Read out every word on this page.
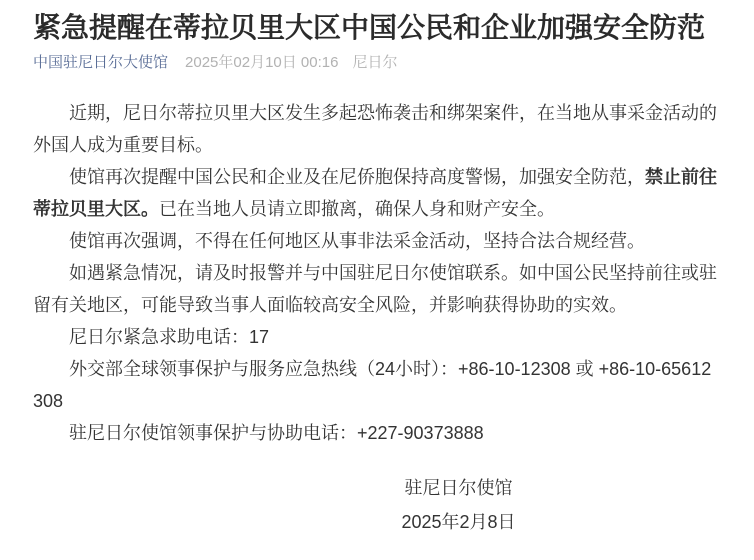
紧急提醒在蒂拉贝里大区中国公民和企业加强安全防范
中国驻尼日尔大使馆 2025年02月10日 00:16 尼日尔

近期，尼日尔蒂拉贝里大区发生多起恐怖袭击和绑架案件，在当地从事采金活动的外国人成为重要目标。

使馆再次提醒中国公民和企业及在尼侨胞保持高度警惕，加强安全防范，禁止前往蒂拉贝里大区。已在当地人员请立即撤离，确保人身和财产安全。

使馆再次强调，不得在任何地区从事非法采金活动，坚持合法合规经营。

如遇紧急情况，请及时报警并与中国驻尼日尔使馆联系。如中国公民坚持前往或驻留有关地区，可能导致当事人面临较高安全风险，并影响获得协助的实效。

尼日尔紧急求助电话：17

外交部全球领事保护与服务应急热线（24小时）：+86-10-12308 或 +86-10-65612308

驻尼日尔使馆领事保护与协助电话：+227-90373888

驻尼日尔使馆
2025年2月8日
